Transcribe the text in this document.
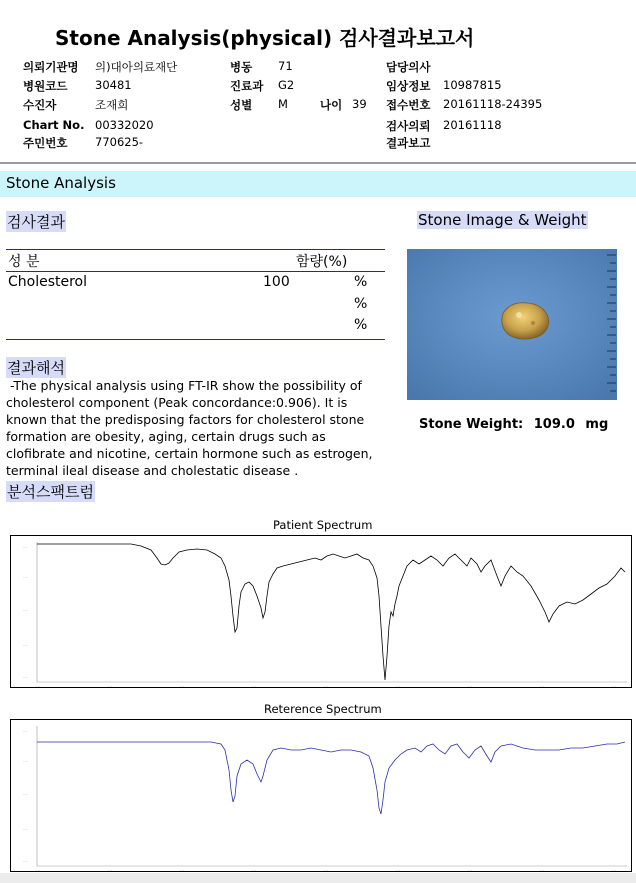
Stone Analysis(physical) 검사결과보고서
의뢰기관명 의)대아의료재단
병원코드 30481
수진자	조재희
Chart No. 00332020
주민번호 770625-
병동 71
진료과 G2
성별 M	나이 39
담당의사
임상정보 10987815
접수번호 20161118-24395
검사의뢰 20161118
결과보고
Stone Analysis
검사결과
성 분	함량(%)
Cholesterol	100	%
%
%
결과해석
-The physical analysis using FT-IR show the possibility of
cholesterol component (Peak concordance:0.906). It is
known that the predisposing factors for cholesterol stone
formation are obesity, aging, certain drugs such as
clofibrate and nicotine, certain hormone such as estrogen,
terminal ileal disease and cholestatic disease .
Stone Image & Weight
Stone Weight: 109.0 mg
분석스팩트럼
Patient Spectrum
....
....
....
....
....
....	....	....	....	....	....	....	....	....
Reterence Spectrum
....
....
....
....
....
....	....	....	....	....	....	....	....	....
